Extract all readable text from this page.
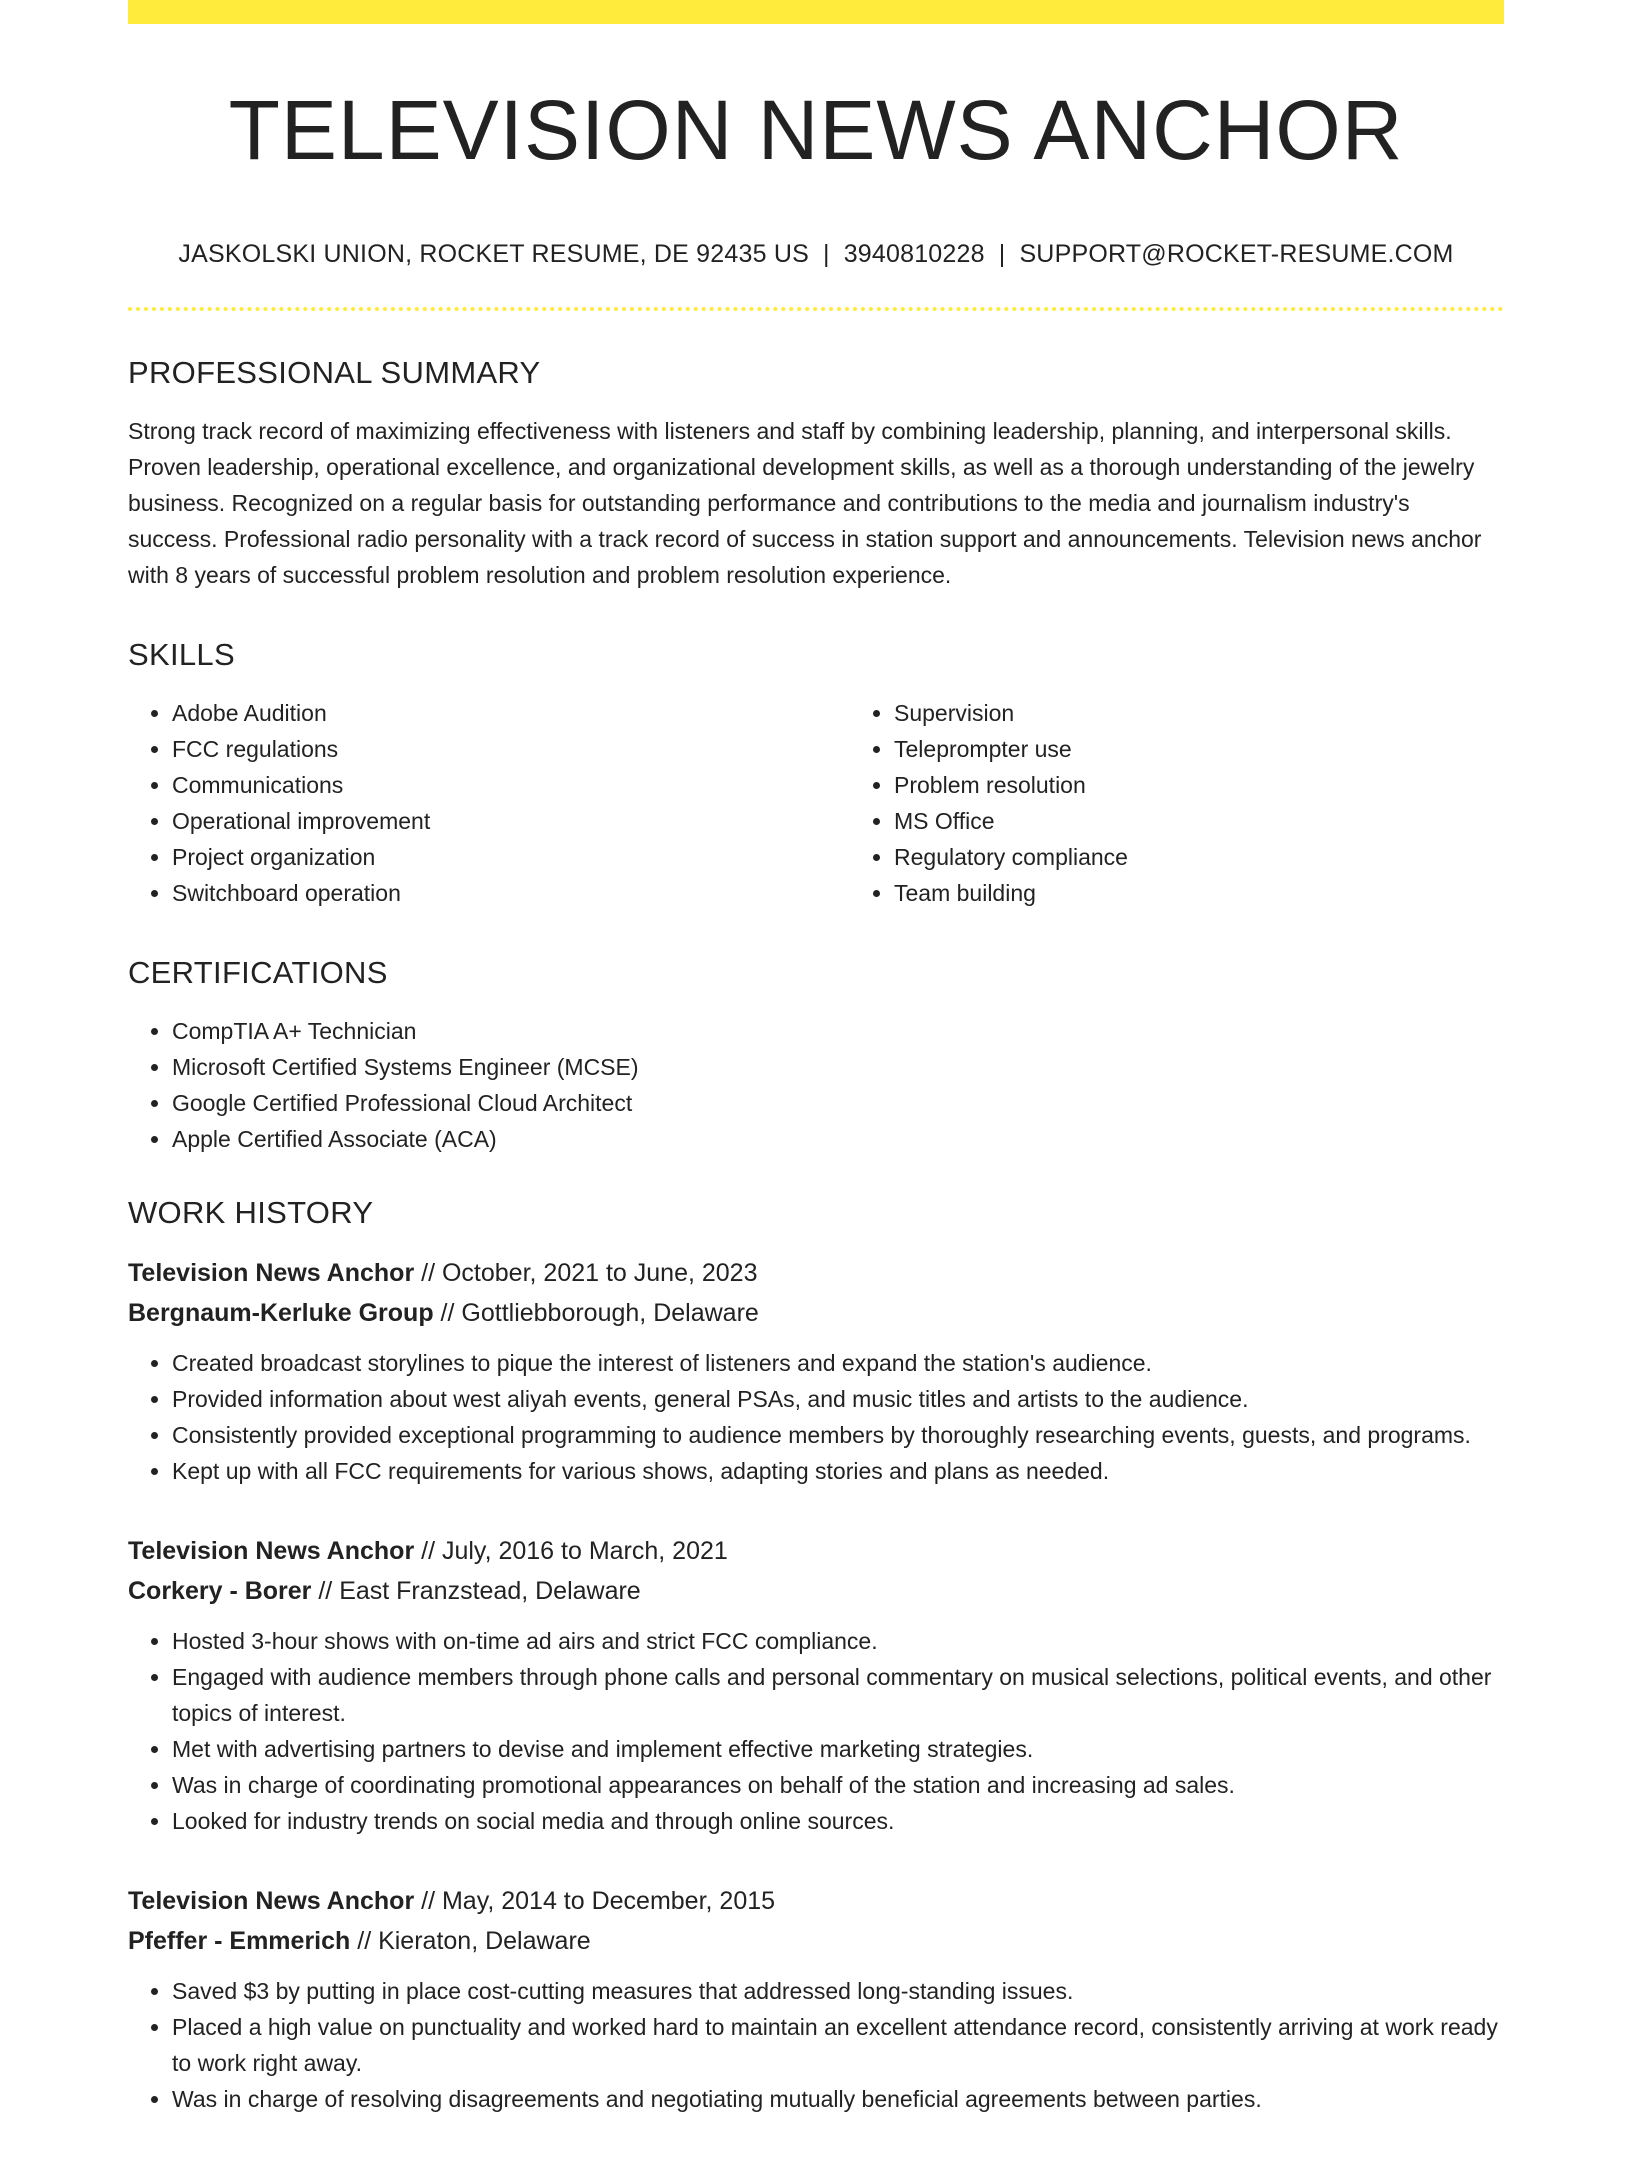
TELEVISION NEWS ANCHOR
JASKOLSKI UNION, ROCKET RESUME, DE 92435 US | 3940810228 | SUPPORT@ROCKET-RESUME.COM
PROFESSIONAL SUMMARY

Strong track record of maximizing effectiveness with listeners and staff by combining leadership, planning, and interpersonal skills. Proven leadership, operational excellence, and organizational development skills, as well as a thorough understanding of the jewelry business. Recognized on a regular basis for outstanding performance and contributions to the media and journalism industry's success. Professional radio personality with a track record of success in station support and announcements. Television news anchor with 8 years of successful problem resolution and problem resolution experience.

SKILLS
• Adobe Audition
• FCC regulations
• Communications
• Operational improvement
• Project organization
• Switchboard operation
• Supervision
• Teleprompter use
• Problem resolution
• MS Office
• Regulatory compliance
• Team building
CERTIFICATIONS
• CompTIA A+ Technician
• Microsoft Certified Systems Engineer (MCSE)
• Google Certified Professional Cloud Architect
• Apple Certified Associate (ACA)
WORK HISTORY
Television News Anchor // October, 2021 to June, 2023
Bergnaum-Kerluke Group // Gottliebborough, Delaware
• Created broadcast storylines to pique the interest of listeners and expand the station's audience.
• Provided information about west aliyah events, general PSAs, and music titles and artists to the audience.
• Consistently provided exceptional programming to audience members by thoroughly researching events, guests, and programs.
• Kept up with all FCC requirements for various shows, adapting stories and plans as needed.
Television News Anchor // July, 2016 to March, 2021
Corkery - Borer // East Franzstead, Delaware
• Hosted 3-hour shows with on-time ad airs and strict FCC compliance.
• Engaged with audience members through phone calls and personal commentary on musical selections, political events, and other topics of interest.
• Met with advertising partners to devise and implement effective marketing strategies.
• Was in charge of coordinating promotional appearances on behalf of the station and increasing ad sales.
• Looked for industry trends on social media and through online sources.
Television News Anchor // May, 2014 to December, 2015
Pfeffer - Emmerich // Kieraton, Delaware
• Saved $3 by putting in place cost-cutting measures that addressed long-standing issues.
• Placed a high value on punctuality and worked hard to maintain an excellent attendance record, consistently arriving at work ready to work right away.
• Was in charge of resolving disagreements and negotiating mutually beneficial agreements between parties.
